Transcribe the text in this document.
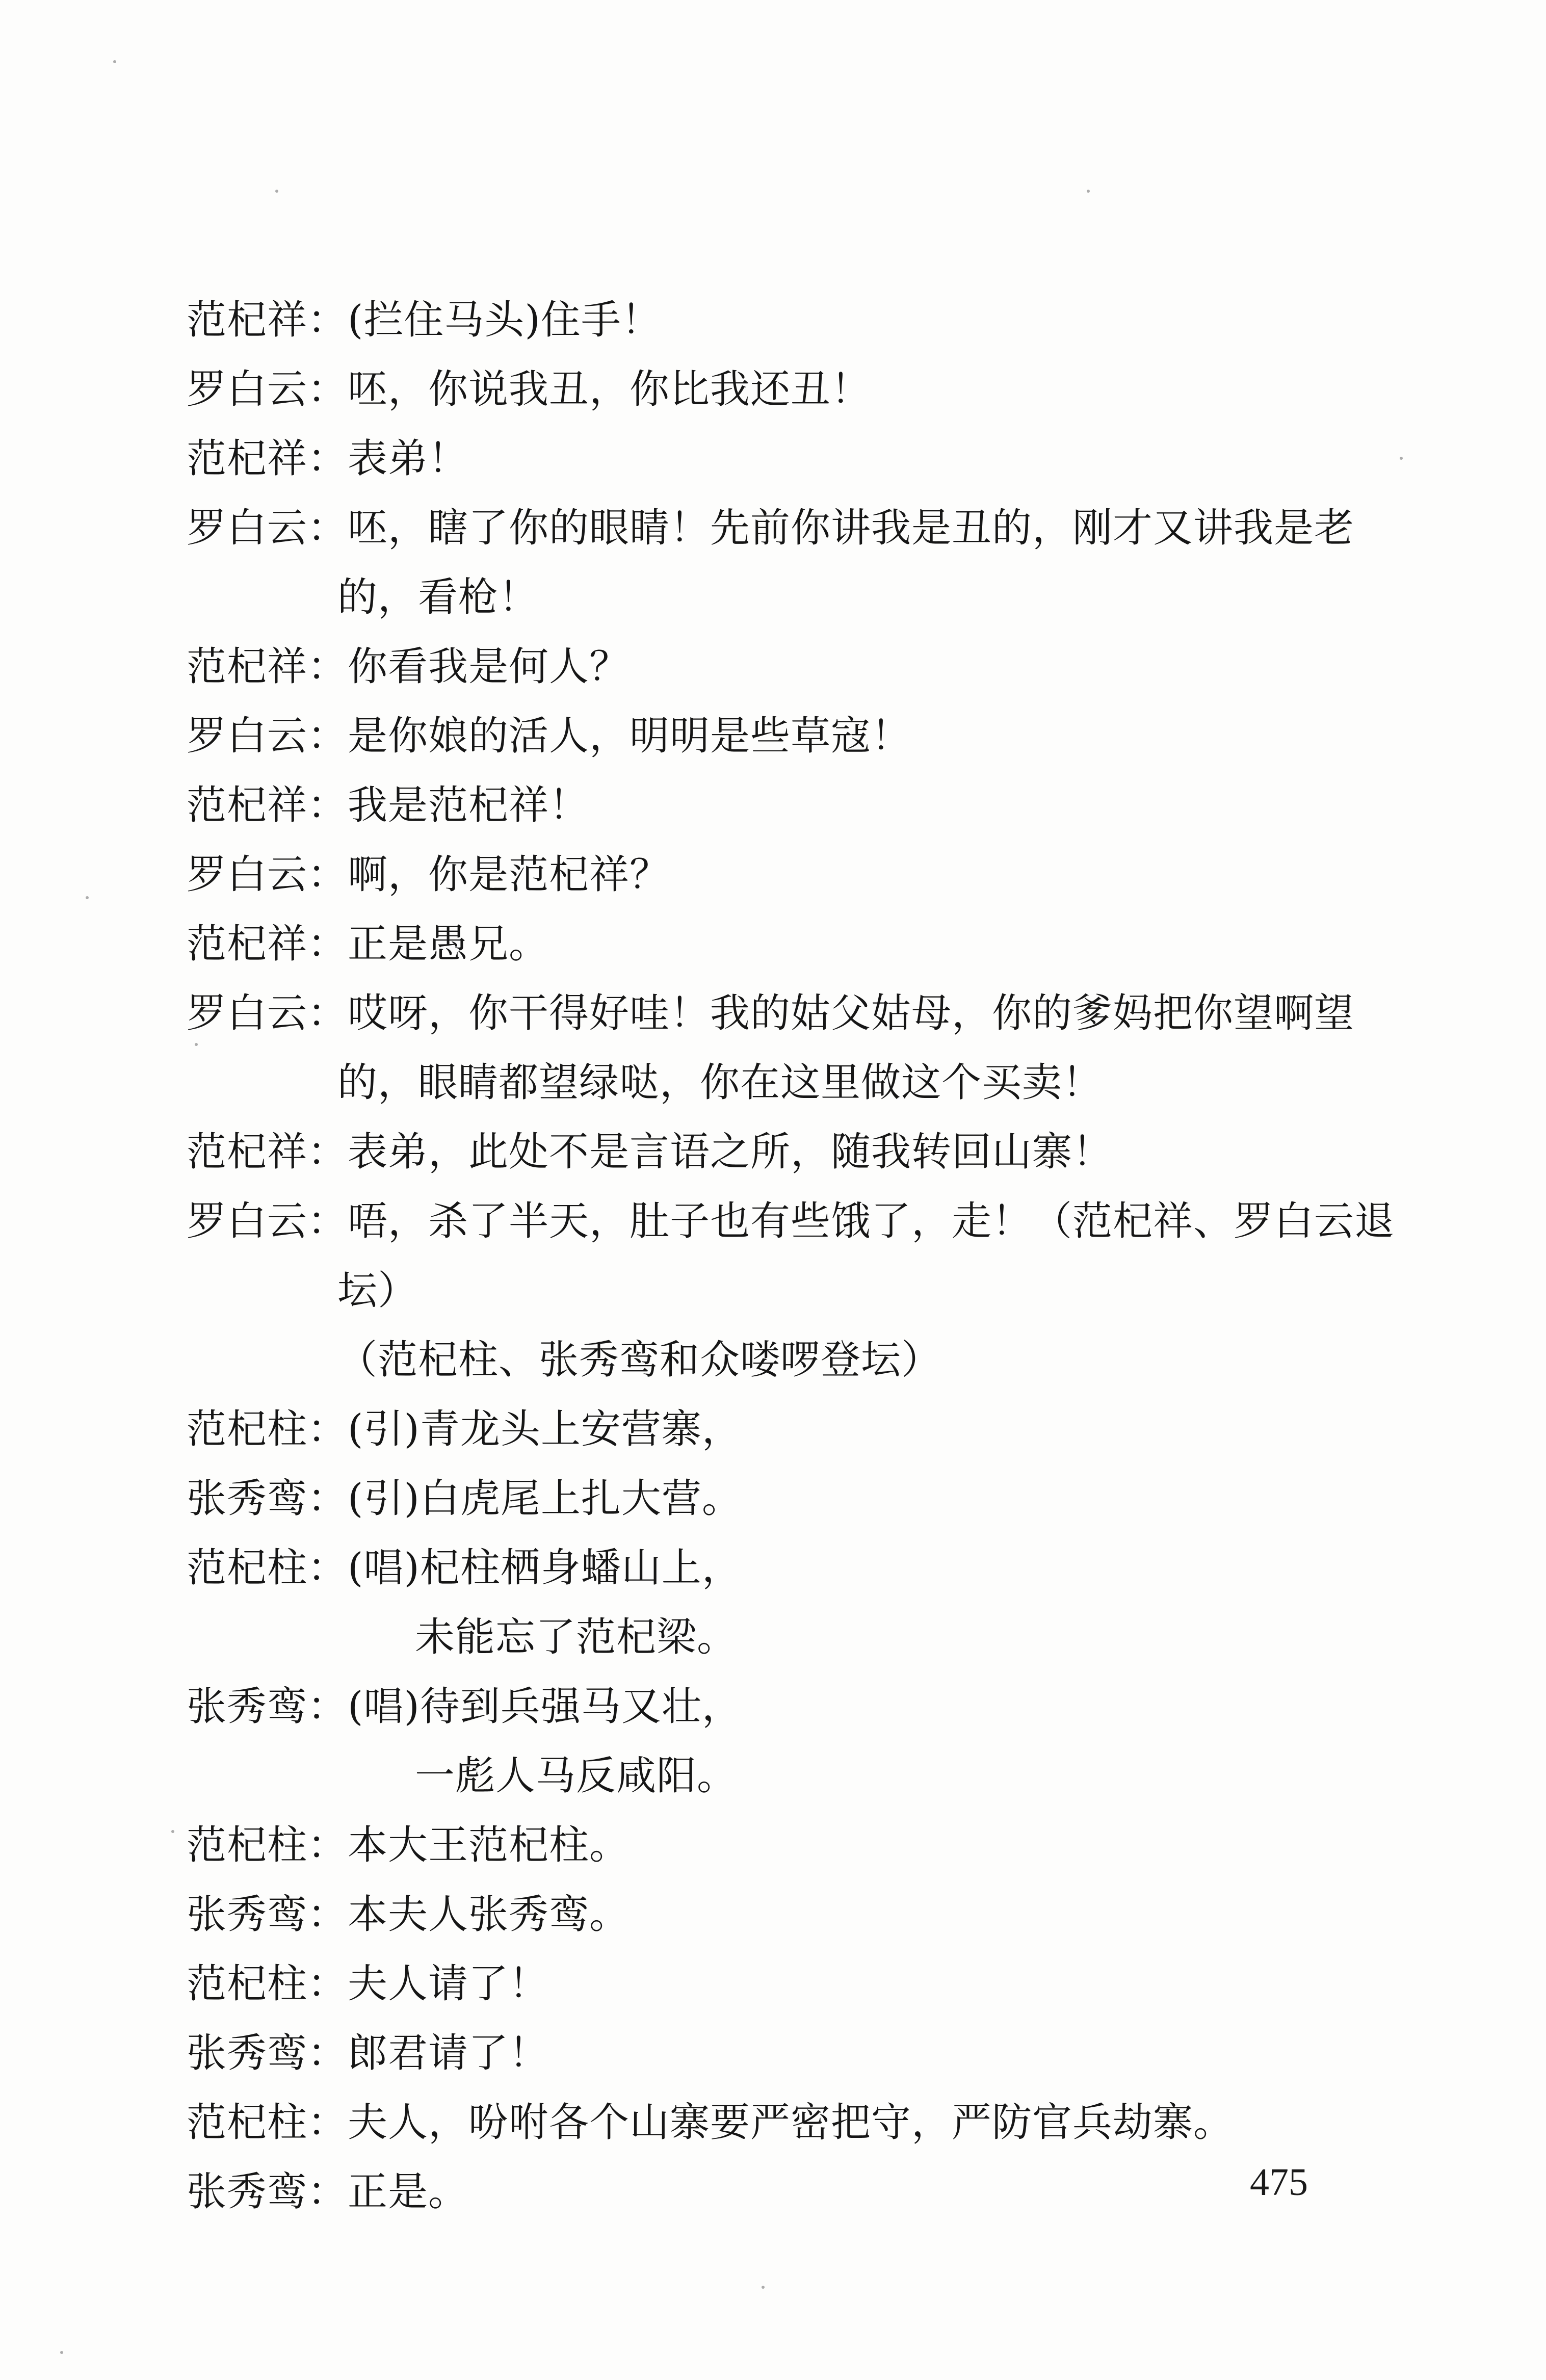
范杞祥：(拦住马头)住手！
罗白云：呸，你说我丑，你比我还丑！
范杞祥：表弟！
罗白云：呸，瞎了你的眼睛！先前你讲我是丑的，刚才又讲我是老
的，看枪！
范杞祥：你看我是何人？
罗白云：是你娘的活人，明明是些草寇！
范杞祥：我是范杞祥！
罗白云：啊，你是范杞祥？
范杞祥：正是愚兄。
罗白云：哎呀，你干得好哇！我的姑父姑母，你的爹妈把你望啊望
的，眼睛都望绿哒，你在这里做这个买卖！
范杞祥：表弟，此处不是言语之所，随我转回山寨！
罗白云：唔，杀了半天，肚子也有些饿了，走！（范杞祥、罗白云退
坛）
（范杞柱、张秀鸾和众喽啰登坛）
范杞柱：(引)青龙头上安营寨，
张秀鸾：(引)白虎尾上扎大营。
范杞柱：(唱)杞柱栖身蟠山上，
未能忘了范杞梁。
张秀鸾：(唱)待到兵强马又壮，
一彪人马反咸阳。
范杞柱：本大王范杞柱。
张秀鸾：本夫人张秀鸾。
范杞柱：夫人请了！
张秀鸾：郎君请了！
范杞柱：夫人，吩咐各个山寨要严密把守，严防官兵劫寨。
张秀鸾：正是。	475
